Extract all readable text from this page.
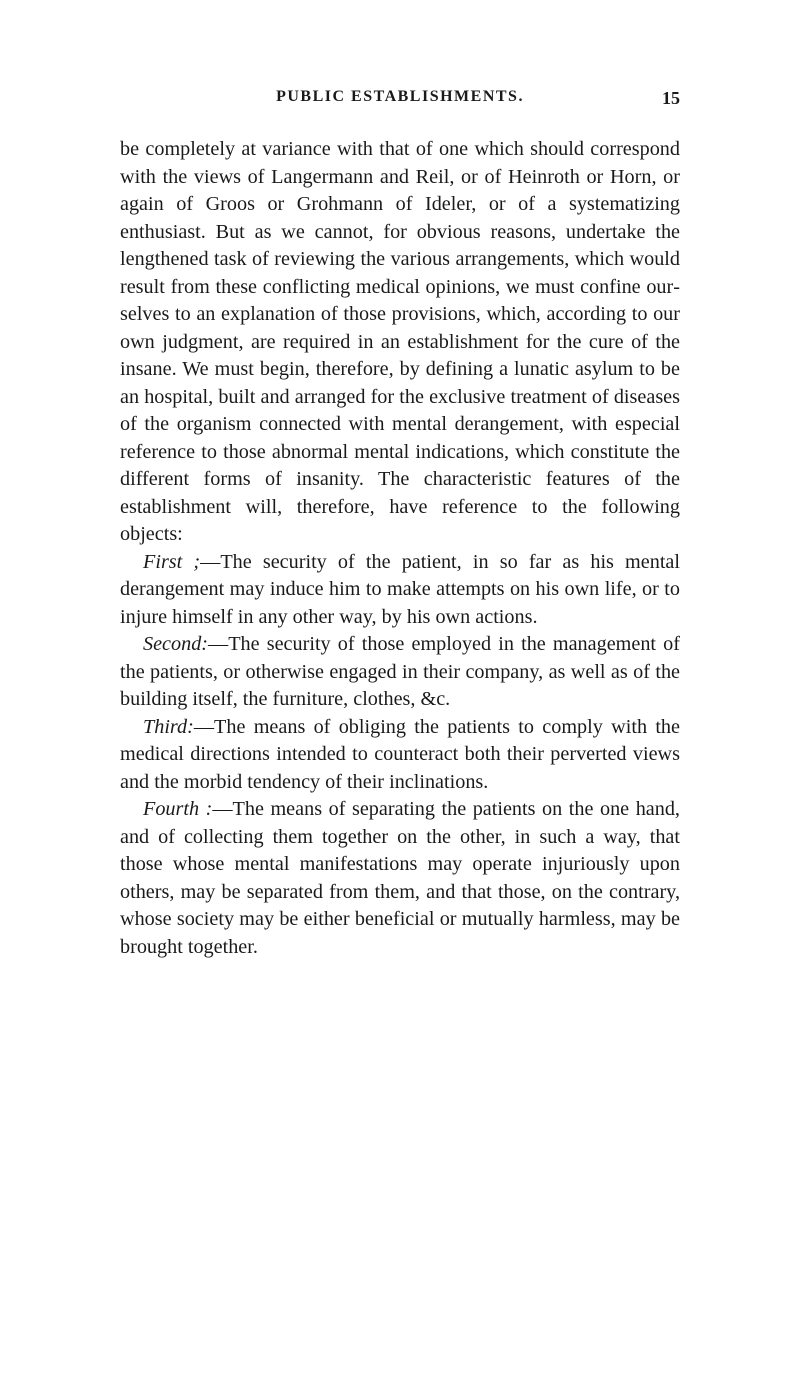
PUBLIC ESTABLISHMENTS.	15

be completely at variance with that of one which should correspond with the views of Langermann and Reil, or of Heinroth or Horn, or again of Groos or Grohmann of Ideler, or of a systematizing enthusiast. But as we cannot, for obvious reasons, undertake the lengthened task of reviewing the various arrangements, which would result from these conflicting medical opinions, we must confine ourselves to an explanation of those provisions, which, according to our own judgment, are required in an establishment for the cure of the insane. We must begin, therefore, by defining a lunatic asylum to be an hospital, built and arranged for the exclusive treatment of diseases of the organism connected with mental derangement, with especial reference to those abnormal mental indications, which constitute the different forms of insanity. The characteristic features of the establishment will, therefore, have reference to the following objects:

First ;—The security of the patient, in so far as his mental derangement may induce him to make attempts on his own life, or to injure himself in any other way, by his own actions.

Second:—The security of those employed in the management of the patients, or otherwise engaged in their company, as well as of the building itself, the furniture, clothes, &c.

Third:—The means of obliging the patients to comply with the medical directions intended to counteract both their perverted views and the morbid tendency of their inclinations.

Fourth :—The means of separating the patients on the one hand, and of collecting them together on the other, in such a way, that those whose mental manifestations may operate injuriously upon others, may be separated from them, and that those, on the contrary, whose society may be either beneficial or mutually harmless, may be brought together.
